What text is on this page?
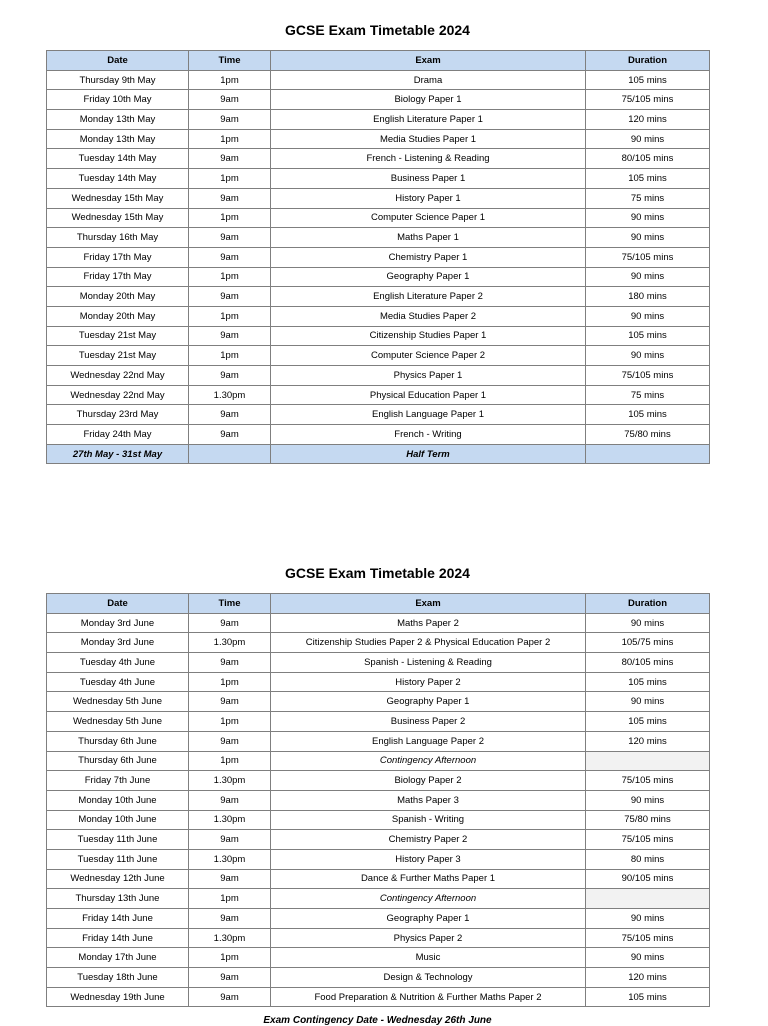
GCSE Exam Timetable 2024
Date	Time	Exam	Duration
Thursday 9th May	1pm	Drama	105 mins
Friday 10th May	9am	Biology Paper 1	75/105 mins
Monday 13th May	9am	English Literature Paper 1	120 mins
Monday 13th May	1pm	Media Studies Paper 1	90 mins
Tuesday 14th May	9am	French - Listening & Reading	80/105 mins
Tuesday 14th May	1pm	Business Paper 1	105 mins
Wednesday 15th May	9am	History Paper 1	75 mins
Wednesday 15th May	1pm	Computer Science Paper 1	90 mins
Thursday 16th May	9am	Maths Paper 1	90 mins
Friday 17th May	9am	Chemistry Paper 1	75/105 mins
Friday 17th May	1pm	Geography Paper 1	90 mins
Monday 20th May	9am	English Literature Paper 2	180 mins
Monday 20th May	1pm	Media Studies Paper 2	90 mins
Tuesday 21st May	9am	Citizenship Studies Paper 1	105 mins
Tuesday 21st May	1pm	Computer Science Paper 2	90 mins
Wednesday 22nd May	9am	Physics Paper 1	75/105 mins
Wednesday 22nd May	1.30pm	Physical Education Paper 1	75 mins
Thursday 23rd May	9am	English Language Paper 1	105 mins
Friday 24th May	9am	French - Writing	75/80 mins
27th May - 31st May		Half Term	
GCSE Exam Timetable 2024
Date	Time	Exam	Duration
Monday 3rd June	9am	Maths Paper 2	90 mins
Monday 3rd June	1.30pm	Citizenship Studies Paper 2 & Physical Education Paper 2	105/75 mins
Tuesday 4th June	9am	Spanish - Listening & Reading	80/105 mins
Tuesday 4th June	1pm	History Paper 2	105 mins
Wednesday 5th June	9am	Geography Paper 1	90 mins
Wednesday 5th June	1pm	Business Paper 2	105 mins
Thursday 6th June	9am	English Language Paper 2	120 mins
Thursday 6th June	1pm	Contingency Afternoon	
Friday 7th June	1.30pm	Biology Paper 2	75/105 mins
Monday 10th June	9am	Maths Paper 3	90 mins
Monday 10th June	1.30pm	Spanish - Writing	75/80 mins
Tuesday 11th June	9am	Chemistry Paper 2	75/105 mins
Tuesday 11th June	1.30pm	History Paper 3	80 mins
Wednesday 12th June	9am	Dance & Further Maths Paper 1	90/105 mins
Thursday 13th June	1pm	Contingency Afternoon	
Friday 14th June	9am	Geography Paper 1	90 mins
Friday 14th June	1.30pm	Physics Paper 2	75/105 mins
Monday 17th June	1pm	Music	90 mins
Tuesday 18th June	9am	Design & Technology	120 mins
Wednesday 19th June	9am	Food Preparation & Nutrition & Further Maths Paper 2	105 mins
Exam Contingency Date - Wednesday 26th June
